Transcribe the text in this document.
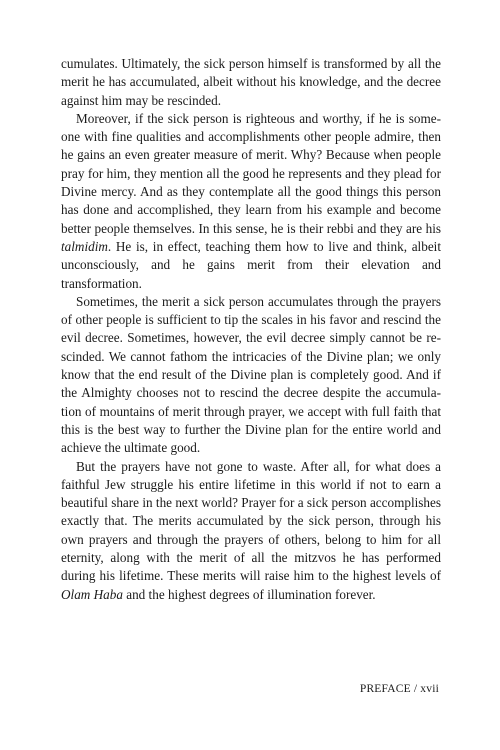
cumulates. Ultimately, the sick person himself is transformed by all the merit he has accumulated, albeit without his knowledge, and the decree against him may be rescinded.

Moreover, if the sick person is righteous and worthy, if he is someone with fine qualities and accomplishments other people admire, then he gains an even greater measure of merit. Why? Because when people pray for him, they mention all the good he represents and they plead for Divine mercy. And as they contemplate all the good things this person has done and accomplished, they learn from his example and become better people themselves. In this sense, he is their rebbi and they are his talmidim. He is, in effect, teaching them how to live and think, albeit unconsciously, and he gains merit from their elevation and transformation.

Sometimes, the merit a sick person accumulates through the prayers of other people is sufficient to tip the scales in his favor and rescind the evil decree. Sometimes, however, the evil decree simply cannot be rescinded. We cannot fathom the intricacies of the Divine plan; we only know that the end result of the Divine plan is completely good. And if the Almighty chooses not to rescind the decree despite the accumulation of mountains of merit through prayer, we accept with full faith that this is the best way to further the Divine plan for the entire world and achieve the ultimate good.

But the prayers have not gone to waste. After all, for what does a faithful Jew struggle his entire lifetime in this world if not to earn a beautiful share in the next world? Prayer for a sick person accomplishes exactly that. The merits accumulated by the sick person, through his own prayers and through the prayers of others, belong to him for all eternity, along with the merit of all the mitzvos he has performed during his lifetime. These merits will raise him to the highest levels of Olam Haba and the highest degrees of illumination forever.

PREFACE / xvii
